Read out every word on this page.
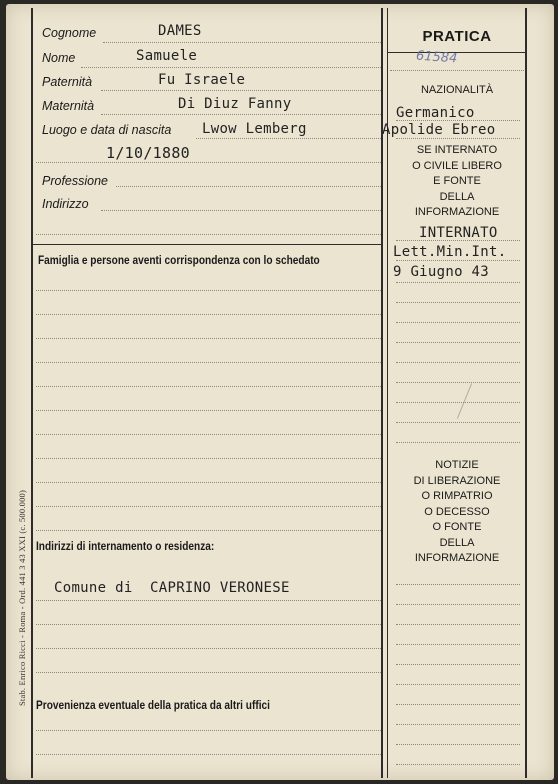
Cognome
Nome
Paternità
Maternità
Luogo e data di nascita
Professione
Indirizzo
DAMES
Samuele
Fu Israele
Di Diuz Fanny
Lwow Lemberg
1/10/1880
Famiglia e persone aventi corrispondenza con lo schedato
Indirizzi di internamento o residenza:
Comune di  CAPRINO VERONESE
Provenienza eventuale della pratica da altri uffici
PRATICA
61584
NAZIONALITÀ
Germanico
Apolide Ebreo
SE INTERNATO
O CIVILE LIBERO
E FONTE
DELLA
INFORMAZIONE
INTERNATO
Lett.Min.Int.
9 Giugno 43
NOTIZIE
DI LIBERAZIONE
O RIMPATRIO
O DECESSO
O FONTE
DELLA
INFORMAZIONE
Stab. Enrico Ricci - Roma - Ord. 441 3 43 XXI (c. 500.000)
